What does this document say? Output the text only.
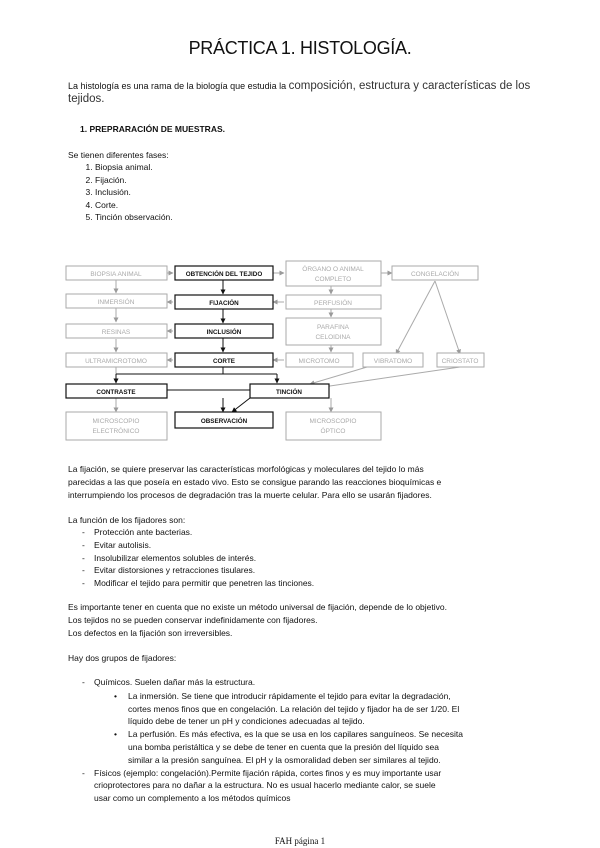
PRÁCTICA 1. HISTOLOGÍA.
La histología es una rama de la biología que estudia la composición, estructura y características de los tejidos.
1. PREPRARACIÓN DE MUESTRAS.
Se tienen diferentes fases:
1. Biopsia animal.
2. Fijación.
3. Inclusión.
4. Corte.
5. Tinción observación.
BIOPSIA ANIMAL
INMERSIÓN
RESINAS
ULTRAMICROTOMO
MICROSCOPIO
ELECTRÓNICO
ÓRGANO O ANIMAL
COMPLETO
CONGELACIÓN
PERFUSIÓN
PARAFINA
CELOIDINA
MICROTOMO	VIBRATOMO	CRIOSTATO
MICROSCOPIO
ÓPTICO
OBTENCIÓN DEL TEJIDO
FIJACIÓN
INCLUSIÓN
CORTE
CONTRASTE	TINCIÓN
OBSERVACIÓN
La fijación, se quiere preservar las características morfológicas y moleculares del tejido lo más
parecidas a las que poseía en estado vivo. Esto se consigue parando las reacciones bioquímicas e
interrumpiendo los procesos de degradación tras la muerte celular. Para ello se usarán fijadores.
La función de los fijadores son:
- Protección ante bacterias.
- Evitar autolisis.
- Insolubilizar elementos solubles de interés.
- Evitar distorsiones y retracciones tisulares.
- Modificar el tejido para permitir que penetren las tinciones.
Es importante tener en cuenta que no existe un método universal de fijación, depende de lo objetivo.
Los tejidos no se pueden conservar indefinidamente con fijadores.
Los defectos en la fijación son irreversibles.
Hay dos grupos de fijadores:
- Químicos. Suelen dañar más la estructura.
• La inmersión. Se tiene que introducir rápidamente el tejido para evitar la degradación,
cortes menos finos que en congelación. La relación del tejido y fijador ha de ser 1/20. El
líquido debe de tener un pH y condiciones adecuadas al tejido.
• La perfusión. Es más efectiva, es la que se usa en los capilares sanguíneos. Se necesita
una bomba peristáltica y se debe de tener en cuenta que la presión del líquido sea
similar a la presión sanguínea. El pH y la osmoralidad deben ser similares al tejido.
- Físicos (ejemplo: congelación).Permite fijación rápida, cortes finos y es muy importante usar
crioprotectores para no dañar a la estructura. No es usual hacerlo mediante calor, se suele
usar como un complemento a los métodos químicos
FAH página 1
